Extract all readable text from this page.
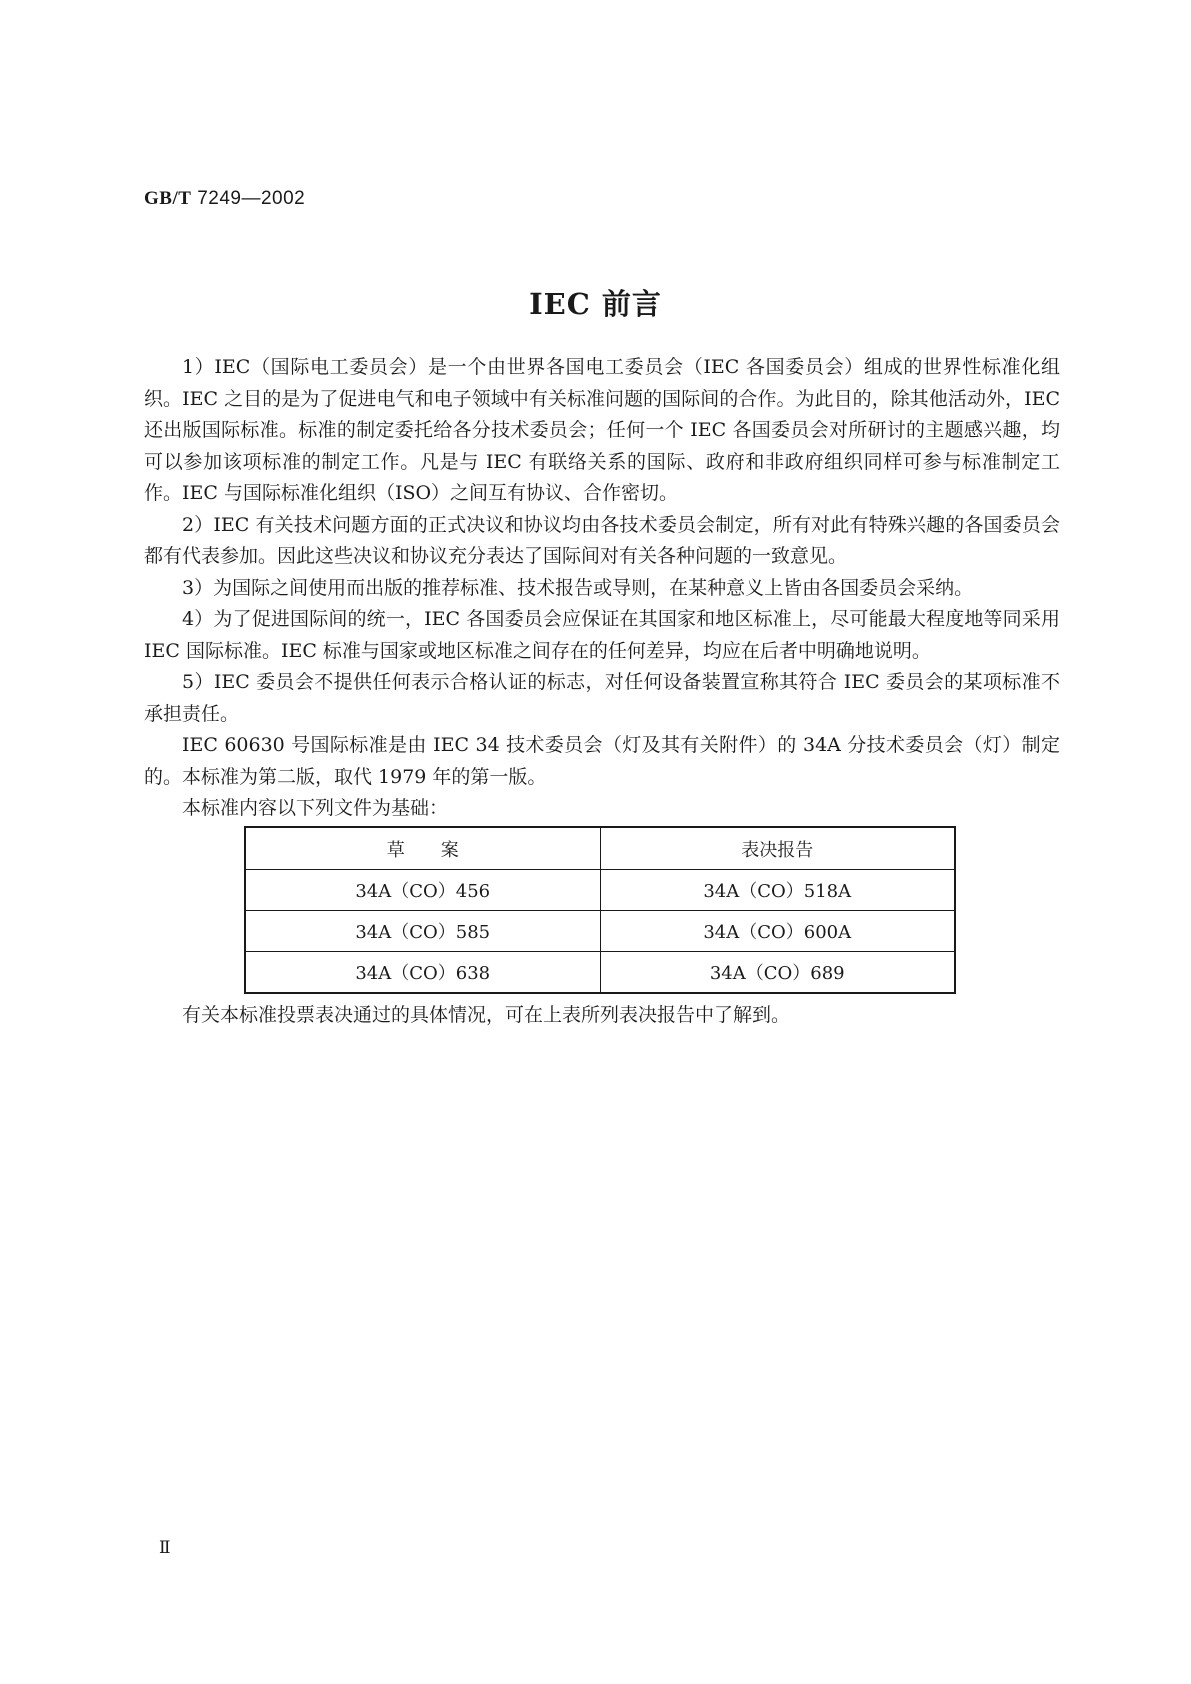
GB/T 7249—2002
IEC 前言

1）IEC（国际电工委员会）是一个由世界各国电工委员会（IEC 各国委员会）组成的世界性标准化组织。IEC 之目的是为了促进电气和电子领域中有关标准问题的国际间的合作。为此目的，除其他活动外，IEC 还出版国际标准。标准的制定委托给各分技术委员会；任何一个 IEC 各国委员会对所研讨的主题感兴趣，均可以参加该项标准的制定工作。凡是与 IEC 有联络关系的国际、政府和非政府组织同样可参与标准制定工作。IEC 与国际标准化组织（ISO）之间互有协议、合作密切。

2）IEC 有关技术问题方面的正式决议和协议均由各技术委员会制定，所有对此有特殊兴趣的各国委员会都有代表参加。因此这些决议和协议充分表达了国际间对有关各种问题的一致意见。

3）为国际之间使用而出版的推荐标准、技术报告或导则，在某种意义上皆由各国委员会采纳。

4）为了促进国际间的统一，IEC 各国委员会应保证在其国家和地区标准上，尽可能最大程度地等同采用 IEC 国际标准。IEC 标准与国家或地区标准之间存在的任何差异，均应在后者中明确地说明。

5）IEC 委员会不提供任何表示合格认证的标志，对任何设备装置宣称其符合 IEC 委员会的某项标准不承担责任。

IEC 60630 号国际标准是由 IEC 34 技术委员会（灯及其有关附件）的 34A 分技术委员会（灯）制定的。本标准为第二版，取代 1979 年的第一版。

本标准内容以下列文件为基础：

草　　案	表决报告
34A（CO）456	34A（CO）518A
34A（CO）585	34A（CO）600A
34A（CO）638	34A（CO）689
有关本标准投票表决通过的具体情况，可在上表所列表决报告中了解到。
Ⅱ
